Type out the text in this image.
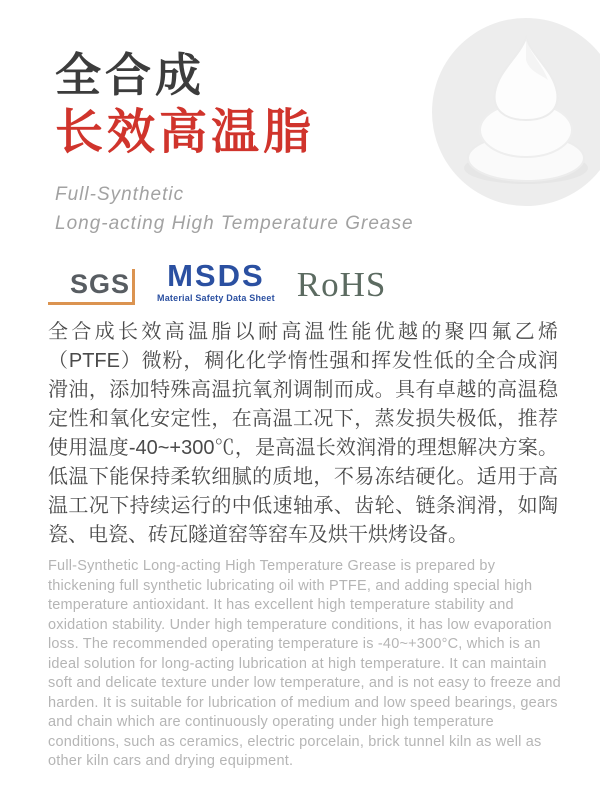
全合成
长效高温脂
Full-Synthetic
Long-acting High Temperature Grease
SGS	MSDS
Material Safety Data Sheet RoHS

全合成长效高温脂以耐高温性能优越的聚四氟乙烯（PTFE）微粉，稠化化学惰性强和挥发性低的全合成润滑油，添加特殊高温抗氧剂调制而成。具有卓越的高温稳定性和氧化安定性，在高温工况下，蒸发损失极低，推荐使用温度-40~+300℃，是高温长效润滑的理想解决方案。低温下能保持柔软细腻的质地，不易冻结硬化。适用于高温工况下持续运行的中低速轴承、齿轮、链条润滑，如陶瓷、电瓷、砖瓦隧道窑等窑车及烘干烘烤设备。

Full-Synthetic Long-acting High Temperature Grease is prepared by thickening full synthetic lubricating oil with PTFE, and adding special high temperature antioxidant. It has excellent high temperature stability and oxidation stability. Under high temperature conditions, it has low evaporation loss. The recommended operating temperature is -40~+300°C, which is an ideal solution for long-acting lubrication at high temperature. It can maintain soft and delicate texture under low temperature, and is not easy to freeze and harden. It is suitable for lubrication of medium and low speed bearings, gears and chain which are continuously operating under high temperature conditions, such as ceramics, electric porcelain, brick tunnel kiln as well as other kiln cars and drying equipment.
